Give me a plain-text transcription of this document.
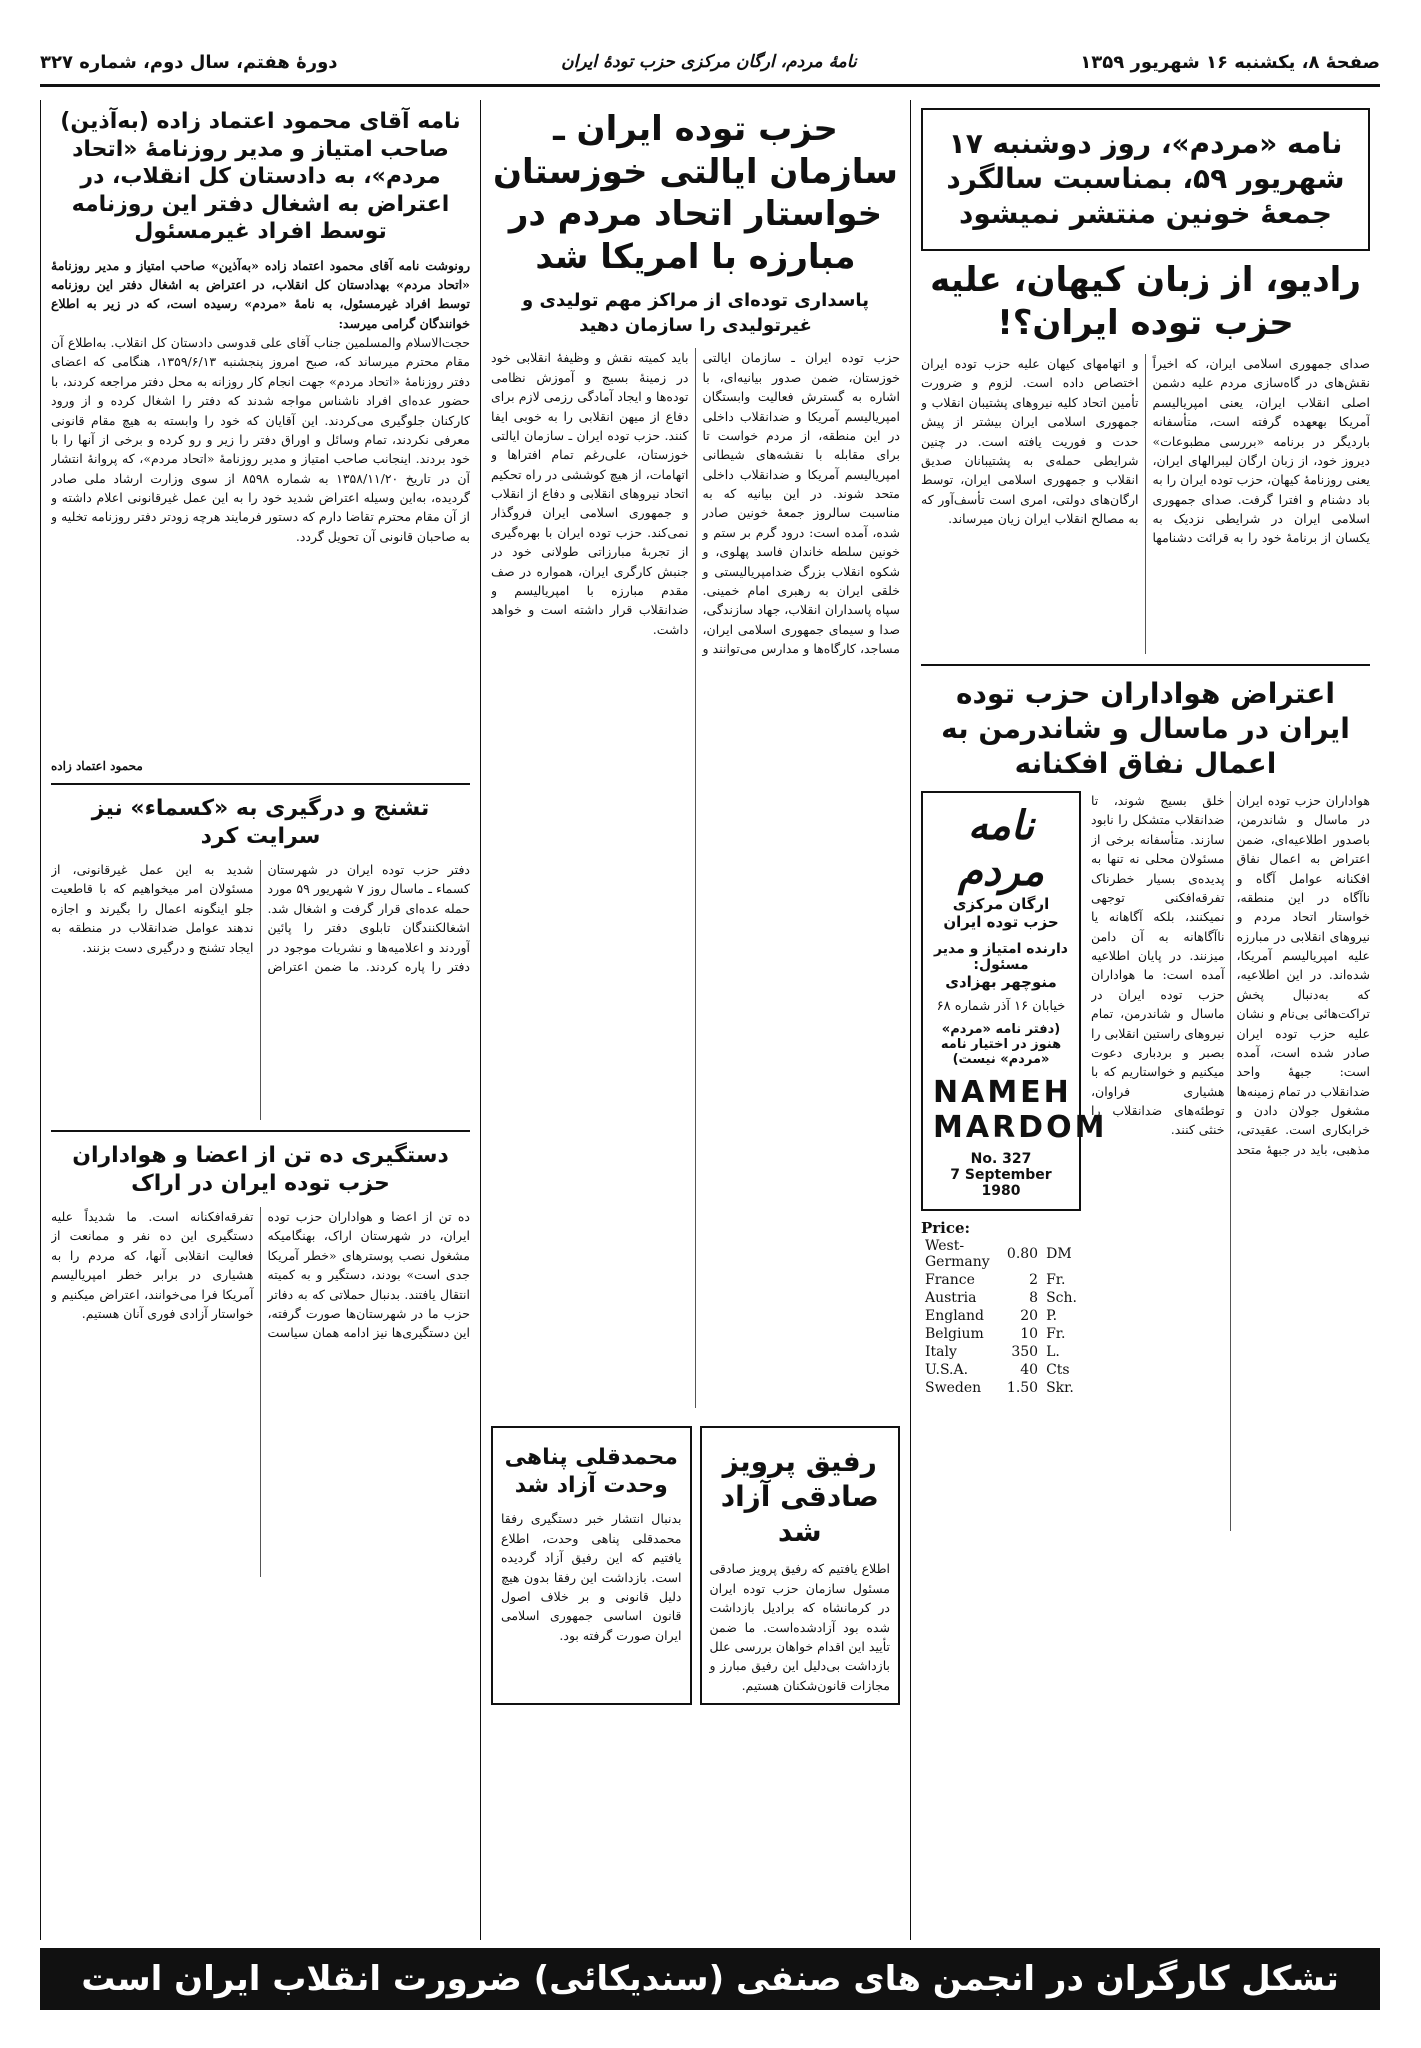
صفحهٔ ۸، یکشنبه ۱۶ شهریور ۱۳۵۹
نامهٔ مردم، ارگان مرکزی حزب تودهٔ ایران
دورهٔ هفتم، سال دوم، شماره ۳۲۷
نامه «مردم»، روز دوشنبه ۱۷ شهریور ۵۹، بمناسبت سالگرد جمعهٔ خونین منتشر نمیشود
رادیو، از زبان کیهان، علیه حزب توده ایران؟!
صدای جمهوری اسلامی ایران، که اخیراً نقش‌های در گاه‌سازی مردم علیه دشمن اصلی انقلاب ایران، یعنی امپریالیسم آمریکا بهعهده گرفته است، متأسفانه باردیگر در برنامه «بررسی مطبوعات» دیروز خود، از زبان ارگان لیبرالهای ایران، یعنی روزنامهٔ کیهان، حزب توده ایران را به باد دشنام و افترا گرفت. صدای جمهوری اسلامی ایران در شرایطی نزدیک به یکسان از برنامهٔ خود را به قرائت دشنامها و اتهامهای کیهان علیه حزب توده ایران اختصاص داده است. لزوم و ضرورت تأمین اتحاد کلیه نیروهای پشتیبان انقلاب و جمهوری اسلامی ایران بیشتر از پیش حدت و فوریت یافته است. در چنین شرایطی حمله‌ی به پشتیبانان صدیق انقلاب و جمهوری اسلامی ایران، توسط ارگان‌های دولتی، امری است تأسف‌آور که به مصالح انقلاب ایران زیان میرساند.
اعتراض هواداران حزب توده ایران در ماسال و شاندرمن به اعمال نفاق افکنانه
هواداران حزب توده ایران در ماسال و شاندرمن، باصدور اطلاعیه‌ای، ضمن اعتراض به اعمال نفاق افکنانه عوامل آگاه و ناآگاه در این منطقه، خواستار اتحاد مردم و نیروهای انقلابی در مبارزه علیه امپریالیسم آمریکا، شده‌اند. در این اطلاعیه، که به‌دنبال پخش تراکت‌هائی بی‌نام و نشان علیه حزب توده ایران صادر شده است، آمده است: جبههٔ واحد ضدانقلاب در تمام زمینه‌ها مشغول جولان دادن و خرابکاری است. عقیدتی، مذهبی، باید در جبههٔ متحد خلق بسیج شوند، تا ضدانقلاب متشکل را نابود سازند. متأسفانه برخی از مسئولان محلی نه تنها به پدیده‌ی بسیار خطرناک تفرقه‌افکنی توجهی نمیکنند، بلکه آگاهانه یا ناآگاهانه به آن دامن میزنند. در پایان اطلاعیه آمده است: ما هواداران حزب توده ایران در ماسال و شاندرمن، تمام نیروهای راستین انقلابی را بصبر و بردباری دعوت میکنیم و خواستاریم که با هشیاری فراوان، توطئه‌های ضدانقلاب را خنثی کنند.
نامه مردم
ارگان مرکزی حزب توده ایران
دارنده امتیاز و مدیر مسئول:
منوچهر بهزادی
خیابان ۱۶ آذر شماره ۶۸
(دفتر نامه «مردم» هنوز در اختیار نامه «مردم» نیست)
NAMEH MARDOM
No. 327
7 September 1980
Price:
West-Germany	0.80	DM
France	2	Fr.
Austria	8	Sch.
England	20	P.
Belgium	10	Fr.
Italy	350	L.
U.S.A.	40	Cts
Sweden	1.50	Skr.
حزب توده ایران ـ سازمان ایالتی خوزستان خواستار اتحاد مردم در مبارزه با امریکا شد
پاسداری توده‌ای از مراکز مهم تولیدی و غیرتولیدی را سازمان دهید
حزب توده ایران ـ سازمان ایالتی خوزستان، ضمن صدور بیانیه‌ای، با اشاره به گسترش فعالیت وابستگان امپریالیسم آمریکا و ضدانقلاب داخلی در این منطقه، از مردم خواست تا برای مقابله با نقشه‌های شیطانی امپریالیسم آمریکا و ضدانقلاب داخلی متحد شوند. در این بیانیه که به مناسبت سالروز جمعهٔ خونین صادر شده، آمده است: درود گرم بر ستم و خونین سلطه خاندان فاسد پهلوی، و شکوه انقلاب بزرگ ضدامپریالیستی و خلقی ایران به رهبری امام خمینی. سپاه پاسداران انقلاب، جهاد سازندگی، صدا و سیمای جمهوری اسلامی ایران، مساجد، کارگاه‌ها و مدارس می‌توانند و باید کمیته نقش و وظیفهٔ انقلابی خود در زمینهٔ بسیج و آموزش نظامی توده‌ها و ایجاد آمادگی رزمی لازم برای دفاع از میهن انقلابی را به خوبی ایفا کنند. حزب توده ایران ـ سازمان ایالتی خوزستان، علی‌رغم تمام افتراها و اتهامات، از هیچ کوششی در راه تحکیم اتحاد نیروهای انقلابی و دفاع از انقلاب و جمهوری اسلامی ایران فروگذار نمی‌کند. حزب توده ایران با بهره‌گیری از تجربهٔ مبارزاتی طولانی خود در جنبش کارگری ایران، همواره در صف مقدم مبارزه با امپریالیسم و ضدانقلاب قرار داشته است و خواهد داشت.
رفیق پرویز صادقی آزاد شد
اطلاع یافتیم که رفیق پرویز صادقی مسئول سازمان حزب توده ایران در کرمانشاه که برادیل بازداشت شده بود آزادشده‌است. ما ضمن تأیید این اقدام خواهان بررسی علل بازداشت بی‌دلیل این رفیق مبارز و مجازات قانون‌شکنان هستیم.
محمدقلی پناهی وحدت آزاد شد
بدنبال انتشار خبر دستگیری رفقا محمدقلی پناهی وحدت، اطلاع یافتیم که این رفیق آزاد گردیده است. بازداشت این رفقا بدون هیچ دلیل قانونی و بر خلاف اصول قانون اساسی جمهوری اسلامی ایران صورت گرفته بود.
نامه آقای محمود اعتماد زاده (به‌آذین) صاحب امتیاز و مدیر روزنامهٔ «اتحاد مردم»، به دادستان کل انقلاب، در اعتراض به اشغال دفتر این روزنامه توسط افراد غیرمسئول
رونوشت نامه آقای محمود اعتماد زاده «به‌آذین» صاحب امتیاز و مدیر روزنامهٔ «اتحاد مردم» بهدادستان کل انقلاب، در اعتراض به اشغال دفتر این روزنامه توسط افراد غیرمسئول، به نامهٔ «مردم» رسیده است، که در زیر به اطلاع خوانندگان گرامی میرسد:
حجت‌الاسلام والمسلمین جناب آقای علی قدوسی دادستان کل انقلاب. به‌اطلاع آن مقام محترم میرساند که، صبح امروز پنجشنبه ۱۳۵۹/۶/۱۳، هنگامی که اعضای دفتر روزنامهٔ «اتحاد مردم» جهت انجام کار روزانه به محل دفتر مراجعه کردند، با حضور عده‌ای افراد ناشناس مواجه شدند که دفتر را اشغال کرده و از ورود کارکنان جلوگیری می‌کردند. این آقایان که خود را وابسته به هیچ مقام قانونی معرفی نکردند، تمام وسائل و اوراق دفتر را زیر و رو کرده و برخی از آنها را با خود بردند. اینجانب صاحب امتیاز و مدیر روزنامهٔ «اتحاد مردم»، که پروانهٔ انتشار آن در تاریخ ۱۳۵۸/۱۱/۲۰ به شماره ۸۵۹۸ از سوی وزارت ارشاد ملی صادر گردیده، به‌این وسیله اعتراض شدید خود را به این عمل غیرقانونی اعلام داشته و از آن مقام محترم تقاضا دارم که دستور فرمایند هرچه زودتر دفتر روزنامه تخلیه و به صاحبان قانونی آن تحویل گردد.
محمود اعتماد زاده
تشنج و درگیری به «کسماء» نیز سرایت کرد
دفتر حزب توده ایران در شهرستان کسماء ـ ماسال روز ۷ شهریور ۵۹ مورد حمله عده‌ای قرار گرفت و اشغال شد. اشغالکنندگان تابلوی دفتر را پائین آوردند و اعلامیه‌ها و نشریات موجود در دفتر را پاره کردند. ما ضمن اعتراض شدید به این عمل غیرقانونی، از مسئولان امر میخواهیم که با قاطعیت جلو اینگونه اعمال را بگیرند و اجازه ندهند عوامل ضدانقلاب در منطقه به ایجاد تشنج و درگیری دست بزنند.
دستگیری ده تن از اعضا و هواداران حزب توده ایران در اراک
ده تن از اعضا و هواداران حزب توده ایران، در شهرستان اراک، بهنگامیکه مشغول نصب پوسترهای «خطر آمریکا جدی است» بودند، دستگیر و به کمیته انتقال یافتند. بدنبال حملاتی که به دفاتر حزب ما در شهرستان‌ها صورت گرفته، این دستگیری‌ها نیز ادامه همان سیاست تفرقه‌افکنانه است. ما شدیداً علیه دستگیری این ده نفر و ممانعت از فعالیت انقلابی آنها، که مردم را به هشیاری در برابر خطر امپریالیسم آمریکا فرا می‌خوانند، اعتراض میکنیم و خواستار آزادی فوری آنان هستیم.
تشکل کارگران در انجمن های صنفی (سندیکائی) ضرورت انقلاب ایران است
